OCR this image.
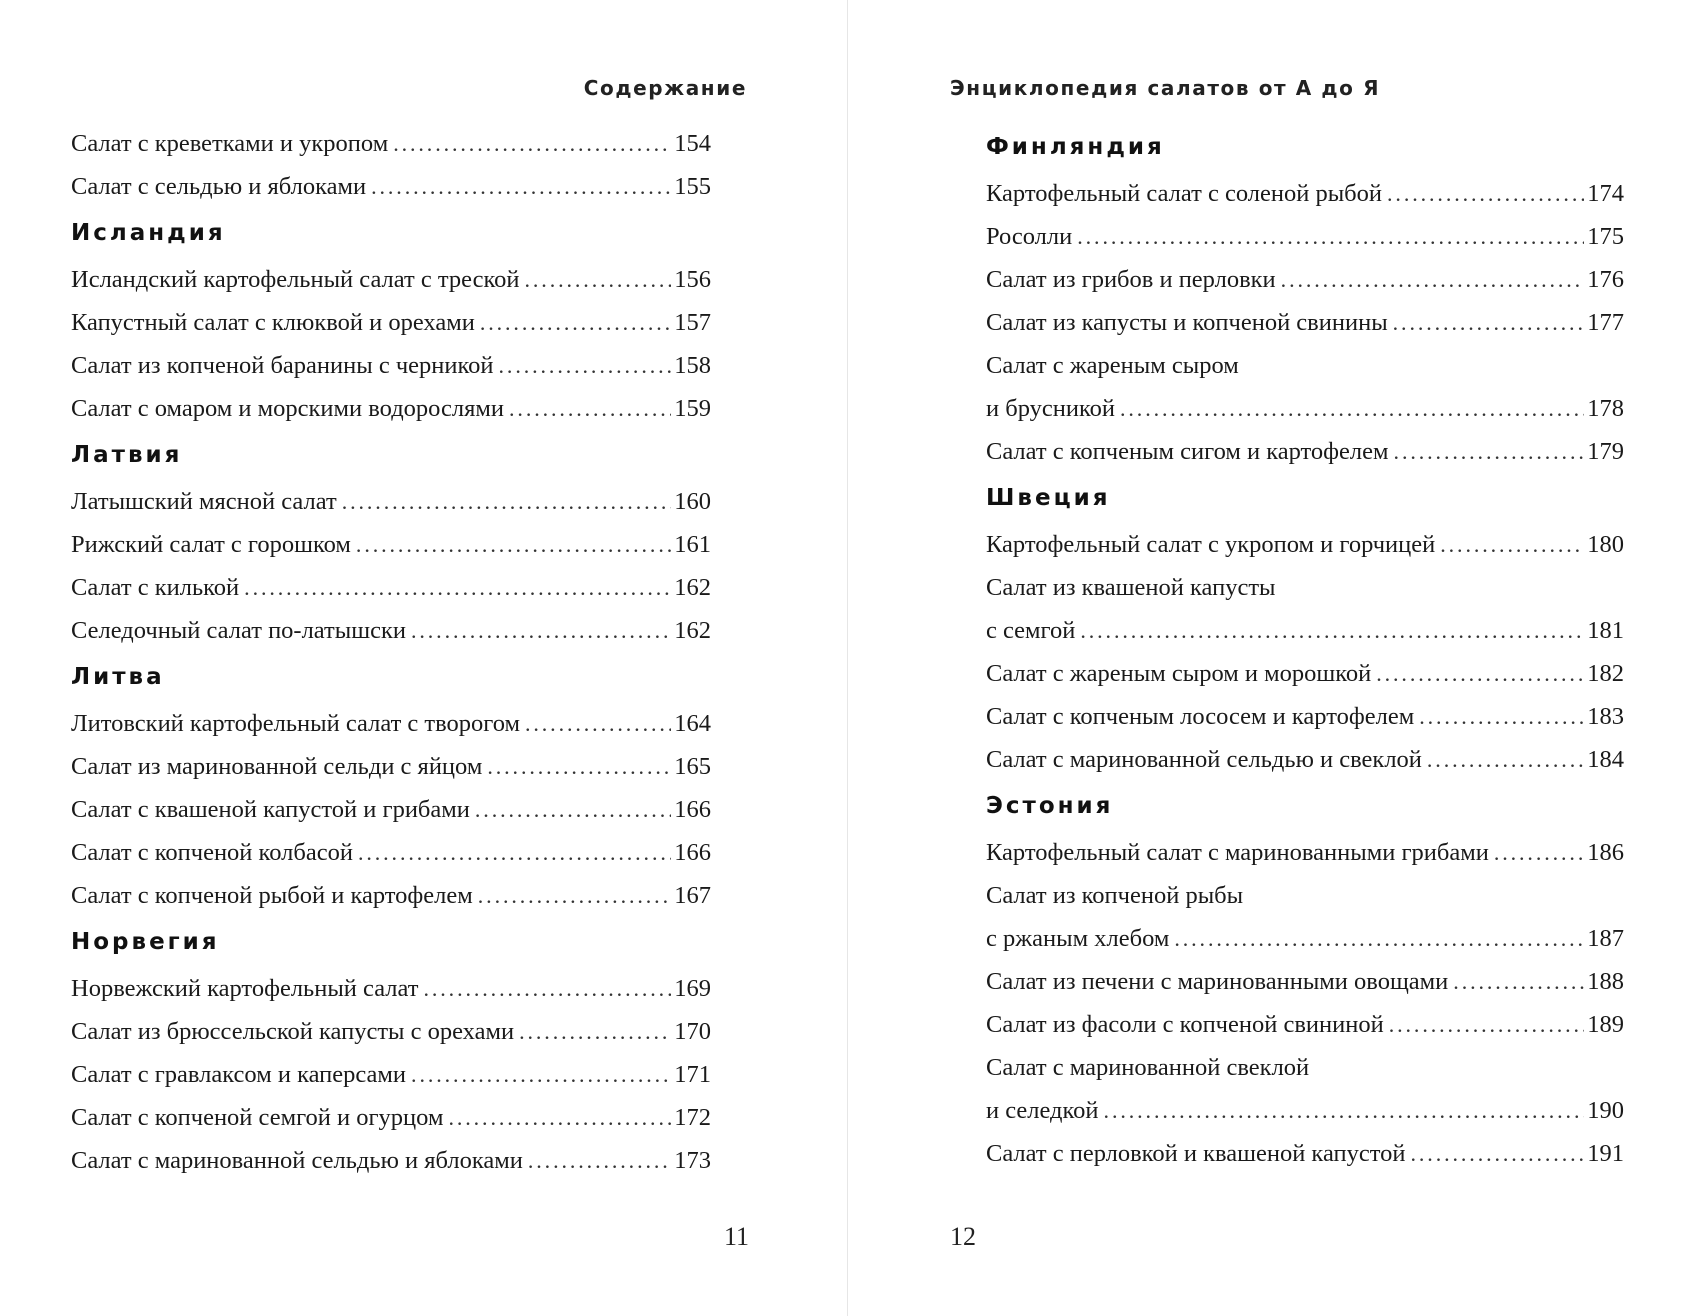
Содержание
Салат с креветками и укропом . . .	154
Салат с сельдью и яблоками . . .	155
Исландия
Исландский картофельный салат с треской . . .	156
Капустный салат с клюквой и орехами . . .	157
Салат из копченой баранины с черникой . . .	158
Салат с омаром и морскими водорослями . . .	159
Латвия
Латышский мясной салат . . .	160
Рижский салат с горошком . . .	161
Салат с килькой . . .	162
Селедочный салат по-латышски . . .	162
Литва
Литовский картофельный салат с творогом . . .	164
Салат из маринованной сельди с яйцом . . .	165
Салат с квашеной капустой и грибами . . .	166
Салат с копченой колбасой . . .	166
Салат с копченой рыбой и картофелем . . .	167
Норвегия
Норвежский картофельный салат . . .	169
Салат из брюссельской капусты с орехами . . .	170
Салат с гравлаксом и каперсами . . .	171
Салат с копченой семгой и огурцом . . .	172
Салат с маринованной сельдью и яблоками . . .	173
11
Энциклопедия салатов от А до Я
Финляндия
Картофельный салат с соленой рыбой . . .	174
Росолли . . .	175
Салат из грибов и перловки . . .	176
Салат из капусты и копченой свинины . . .	177
Салат с жареным сыром
и брусникой . . .	178
Салат с копченым сигом и картофелем . . .	179
Швеция
Картофельный салат с укропом и горчицей . . .	180
Салат из квашеной капусты
с семгой . . .	181
Салат с жареным сыром и морошкой . . .	182
Салат с копченым лососем и картофелем . . .	183
Салат с маринованной сельдью и свеклой . . .	184
Эстония
Картофельный салат с маринованными грибами . . .	186
Салат из копченой рыбы
с ржаным хлебом . . .	187
Салат из печени с маринованными овощами . . .	188
Салат из фасоли с копченой свининой . . .	189
Салат с маринованной свеклой
и селедкой . . .	190
Салат с перловкой и квашеной капустой . . .	191
12
